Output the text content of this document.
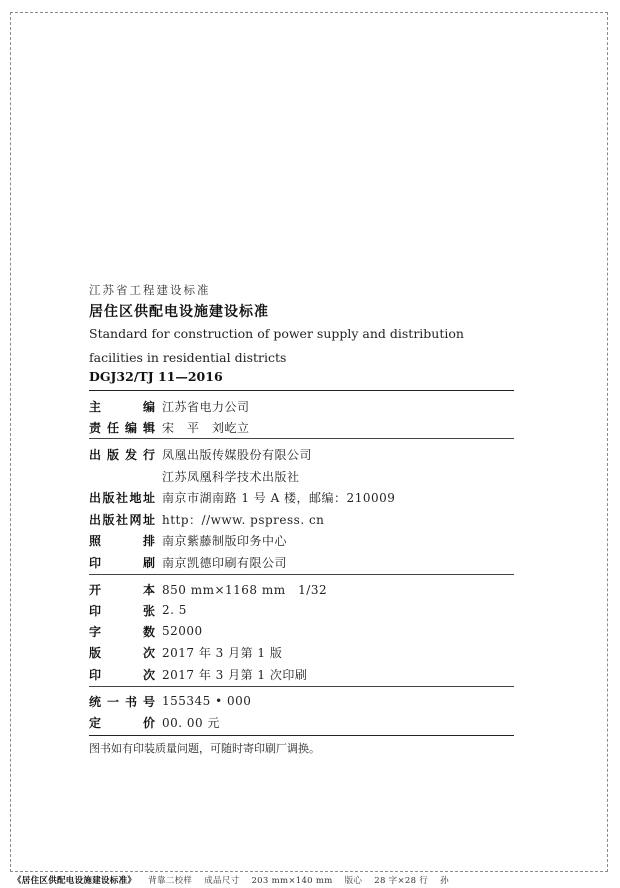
江苏省工程建设标准
居住区供配电设施建设标准
Standard for construction of power supply and distribution facilities in residential districts
DGJ32/TJ 11—2016
主	编 江苏省电力公司
责 任 编 辑 宋　平　刘屹立
出 版 发 行 凤凰出版传媒股份有限公司
江苏凤凰科学技术出版社
出 版 社 地 址 南京市湖南路 1 号 A 楼，邮编：210009
出 版 社 网 址 http：//www. pspress. cn
照	排 南京紫藤制版印务中心
印	刷 南京凯德印刷有限公司
开	本 850 mm×1168 mm　1/32
印	张 2. 5
字	数 52000
版	次 2017 年 3 月第 1 版
印	次 2017 年 3 月第 1 次印刷
统 一 书 号 155345 • 000
定	价 00. 00 元
图书如有印装质量问题，可随时寄印刷厂调换。
《居住区供配电设施建设标准》 背靠二校样 成品尺寸 203 mm×140 mm 版心 28 字×28 行 孙
